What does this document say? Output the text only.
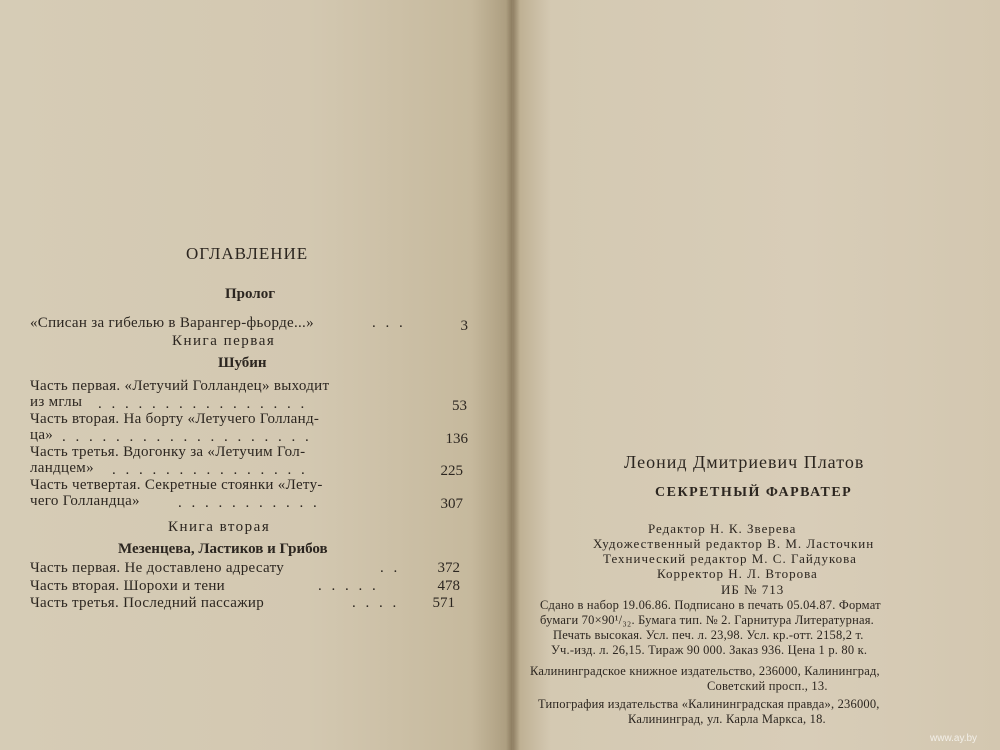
ОГЛАВЛЕНИЕ
Пролог
«Списан за гибелью в Варангер-фьорде...»	. . .	3
Книга первая
Шубин
Часть первая. «Летучий Голландец» выходит
из мглы . . . . . . . . . . . . . . . .	53
Часть вторая. На борту «Летучего Голланд-
ца» . . . . . . . . . . . . . . . . . . .	136
Часть третья. Вдогонку за «Летучим Гол-
ландцем» . . . . . . . . . . . . . . .	225
Часть четвертая. Секретные стоянки «Лету-
чего Голландца»	. . . . . . . . . . .	307
Книга вторая
Мезенцева, Ластиков и Грибов
Часть первая. Не доставлено адресату	. .	372
Часть вторая. Шорохи и тени	. . . . .	478
Часть третья. Последний пассажир	. . . .	571
Леонид Дмитриевич Платов
СЕКРЕТНЫЙ ФАРВАТЕР
Редактор Н. К. Зверева
Художественный редактор В. М. Ласточкин
Технический редактор М. С. Гайдукова
Корректор Н. Л. Второва
ИБ № 713
Сдано в набор 19.06.86. Подписано в печать 05.04.87. Формат
бумаги 70×90¹/₃₂. Бумага тип. № 2. Гарнитура Литературная.
Печать высокая. Усл. печ. л. 23,98. Усл. кр.-отт. 2158,2 т.
Уч.-изд. л. 26,15. Тираж 90 000. Заказ 936. Цена 1 р. 80 к.
Калининградское книжное издательство, 236000, Калининград,
Советский просп., 13.
Типография издательства «Калининградская правда», 236000,
Калининград, ул. Карла Маркса, 18.
www.ay.by
